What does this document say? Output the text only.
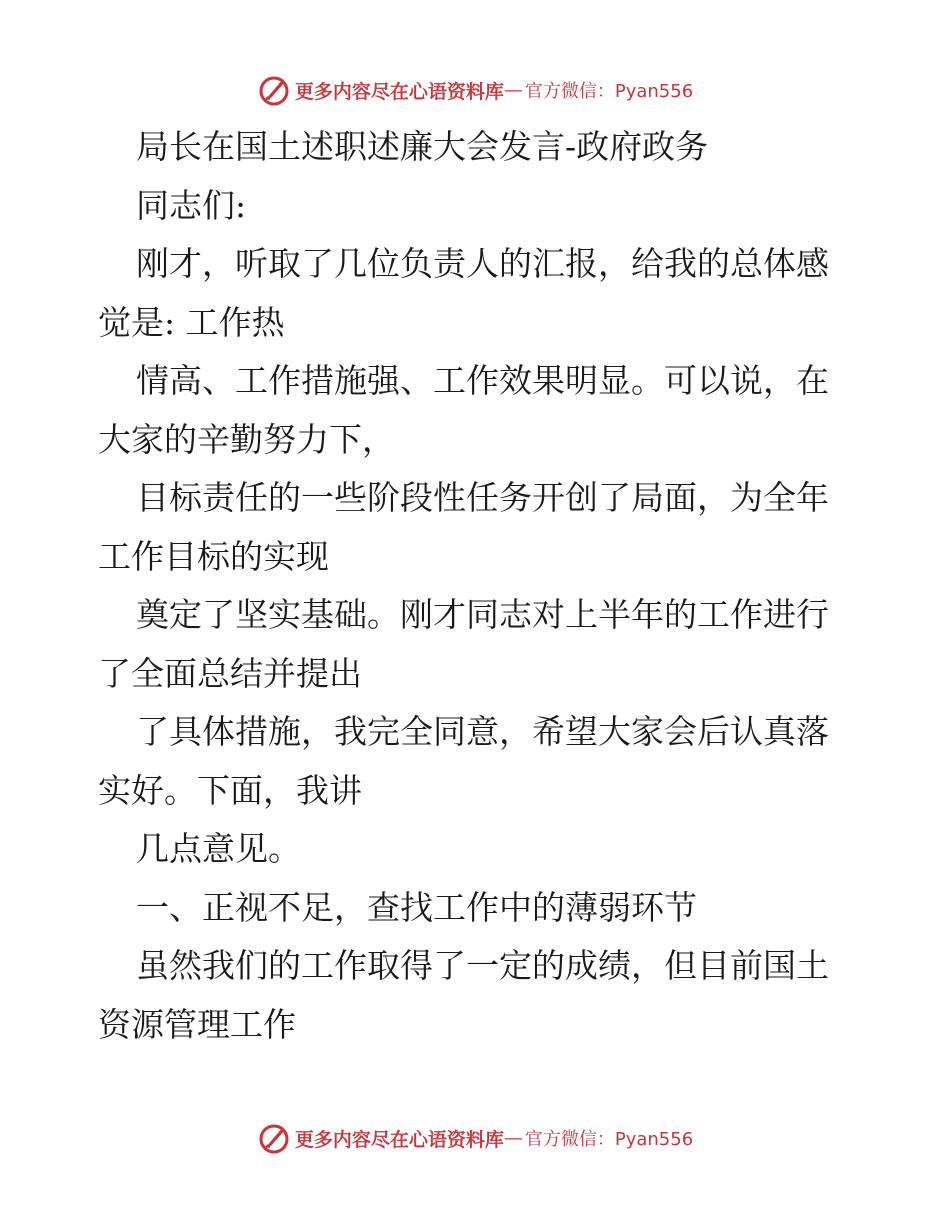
更多内容尽在心语资料库 — 官方微信：Pyan556

局长在国土述职述廉大会发言-政府政务

同志们:

刚才，听取了几位负责人的汇报，给我的总体感觉是: 工作热

情高、工作措施强、工作效果明显。可以说，在大家的辛勤努力下，

目标责任的一些阶段性任务开创了局面，为全年工作目标的实现

奠定了坚实基础。刚才同志对上半年的工作进行了全面总结并提出

了具体措施，我完全同意，希望大家会后认真落实好。下面，我讲

几点意见。

一、正视不足，查找工作中的薄弱环节

虽然我们的工作取得了一定的成绩，但目前国土资源管理工作

更多内容尽在心语资料库 — 官方微信：Pyan556
